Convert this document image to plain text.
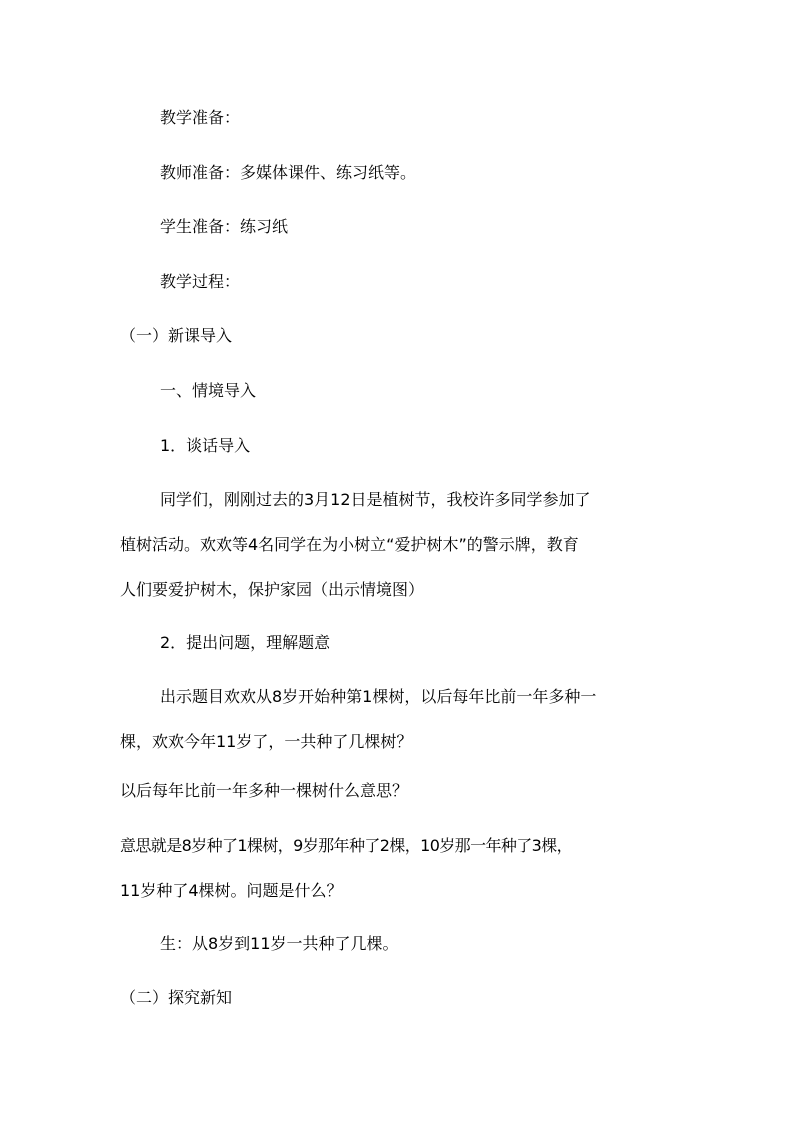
教学准备：
教师准备：多媒体课件、练习纸等。
学生准备：练习纸
教学过程：
（一）新课导入
一、情境导入
1．谈话导入
同学们，刚刚过去的3月12日是植树节，我校许多同学参加了
植树活动。欢欢等4名同学在为小树立“爱护树木”的警示牌，教育
人们要爱护树木，保护家园（出示情境图）
2．提出问题，理解题意
出示题目欢欢从8岁开始种第1棵树，以后每年比前一年多种一
棵，欢欢今年11岁了，一共种了几棵树？
以后每年比前一年多种一棵树什么意思？
意思就是8岁种了1棵树，9岁那年种了2棵，10岁那一年种了3棵，
11岁种了4棵树。问题是什么？
生：从8岁到11岁一共种了几棵。
（二）探究新知
